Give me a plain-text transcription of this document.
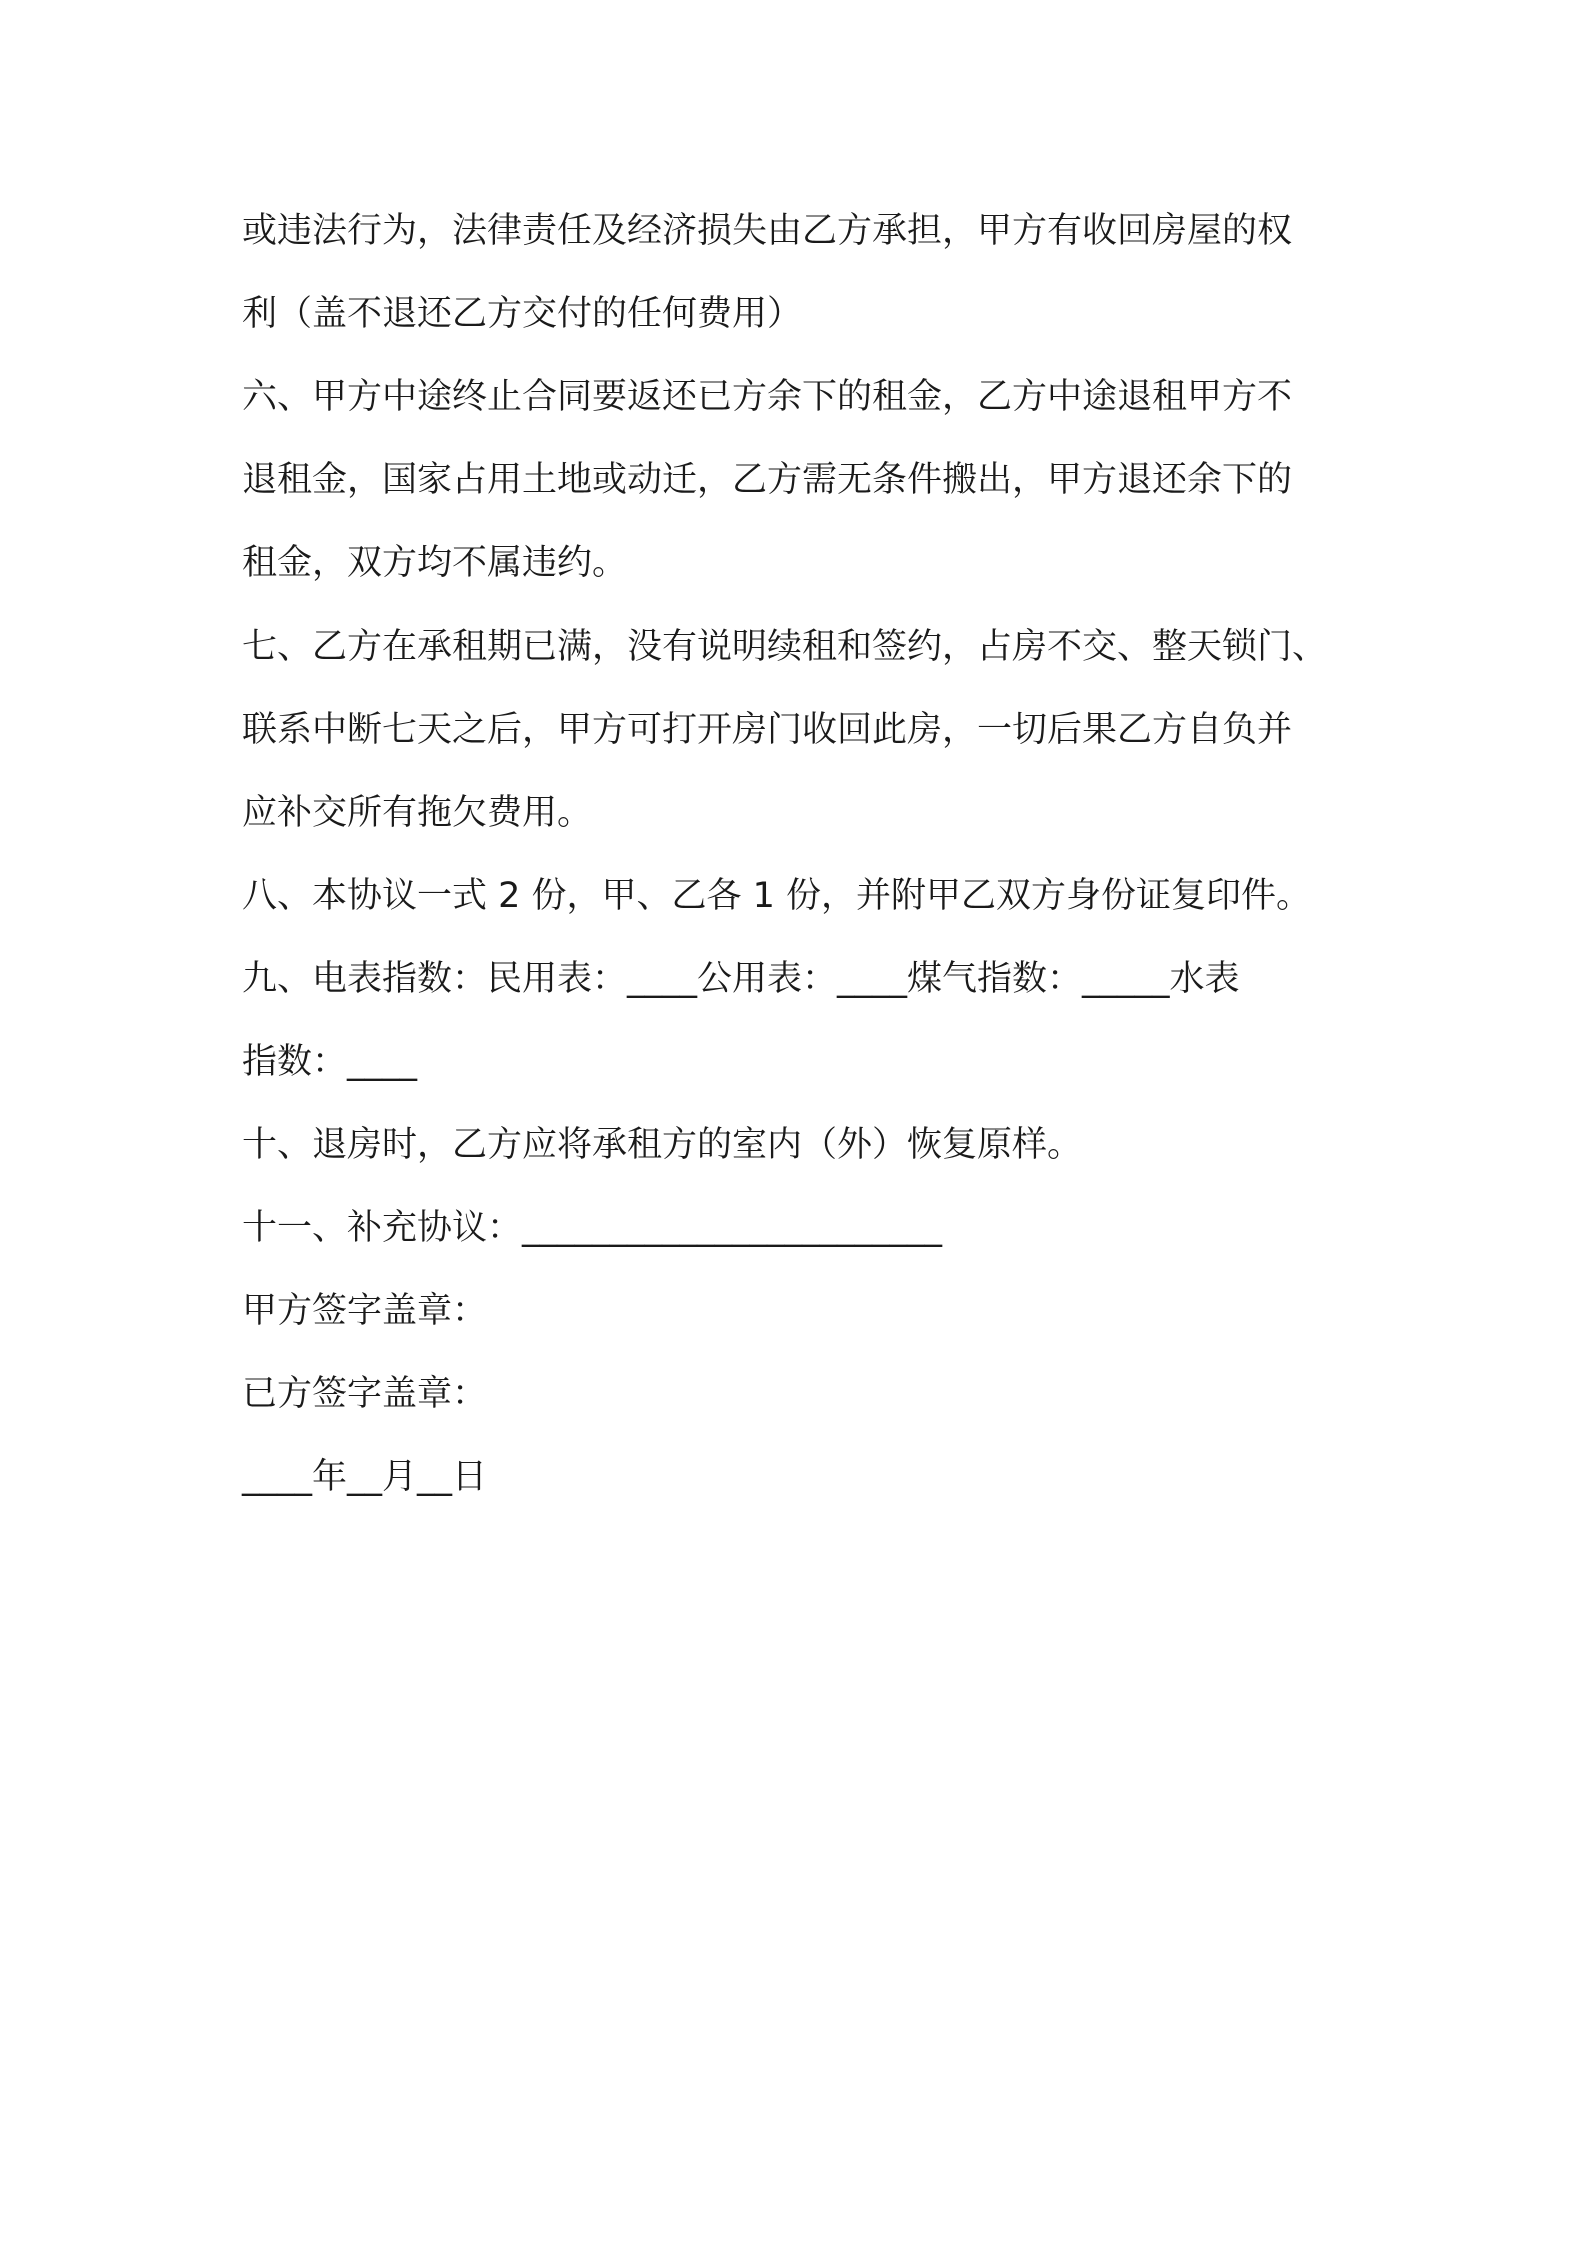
或违法行为，法律责任及经济损失由乙方承担，甲方有收回房屋的权
利（盖不退还乙方交付的任何费用）
六、甲方中途终止合同要返还已方余下的租金，乙方中途退租甲方不
退租金，国家占用土地或动迁，乙方需无条件搬出，甲方退还余下的
租金，双方均不属违约。
七、乙方在承租期已满，没有说明续租和签约，占房不交、整天锁门、
联系中断七天之后，甲方可打开房门收回此房，一切后果乙方自负并
应补交所有拖欠费用。
八、本协议一式 2 份，甲、乙各 1 份，并附甲乙双方身份证复印件。
九、电表指数：民用表：____公用表：____煤气指数：_____水表
指数：____
十、退房时，乙方应将承租方的室内（外）恢复原样。
十一、补充协议：________________________
甲方签字盖章：
已方签字盖章：
____年__月__日
